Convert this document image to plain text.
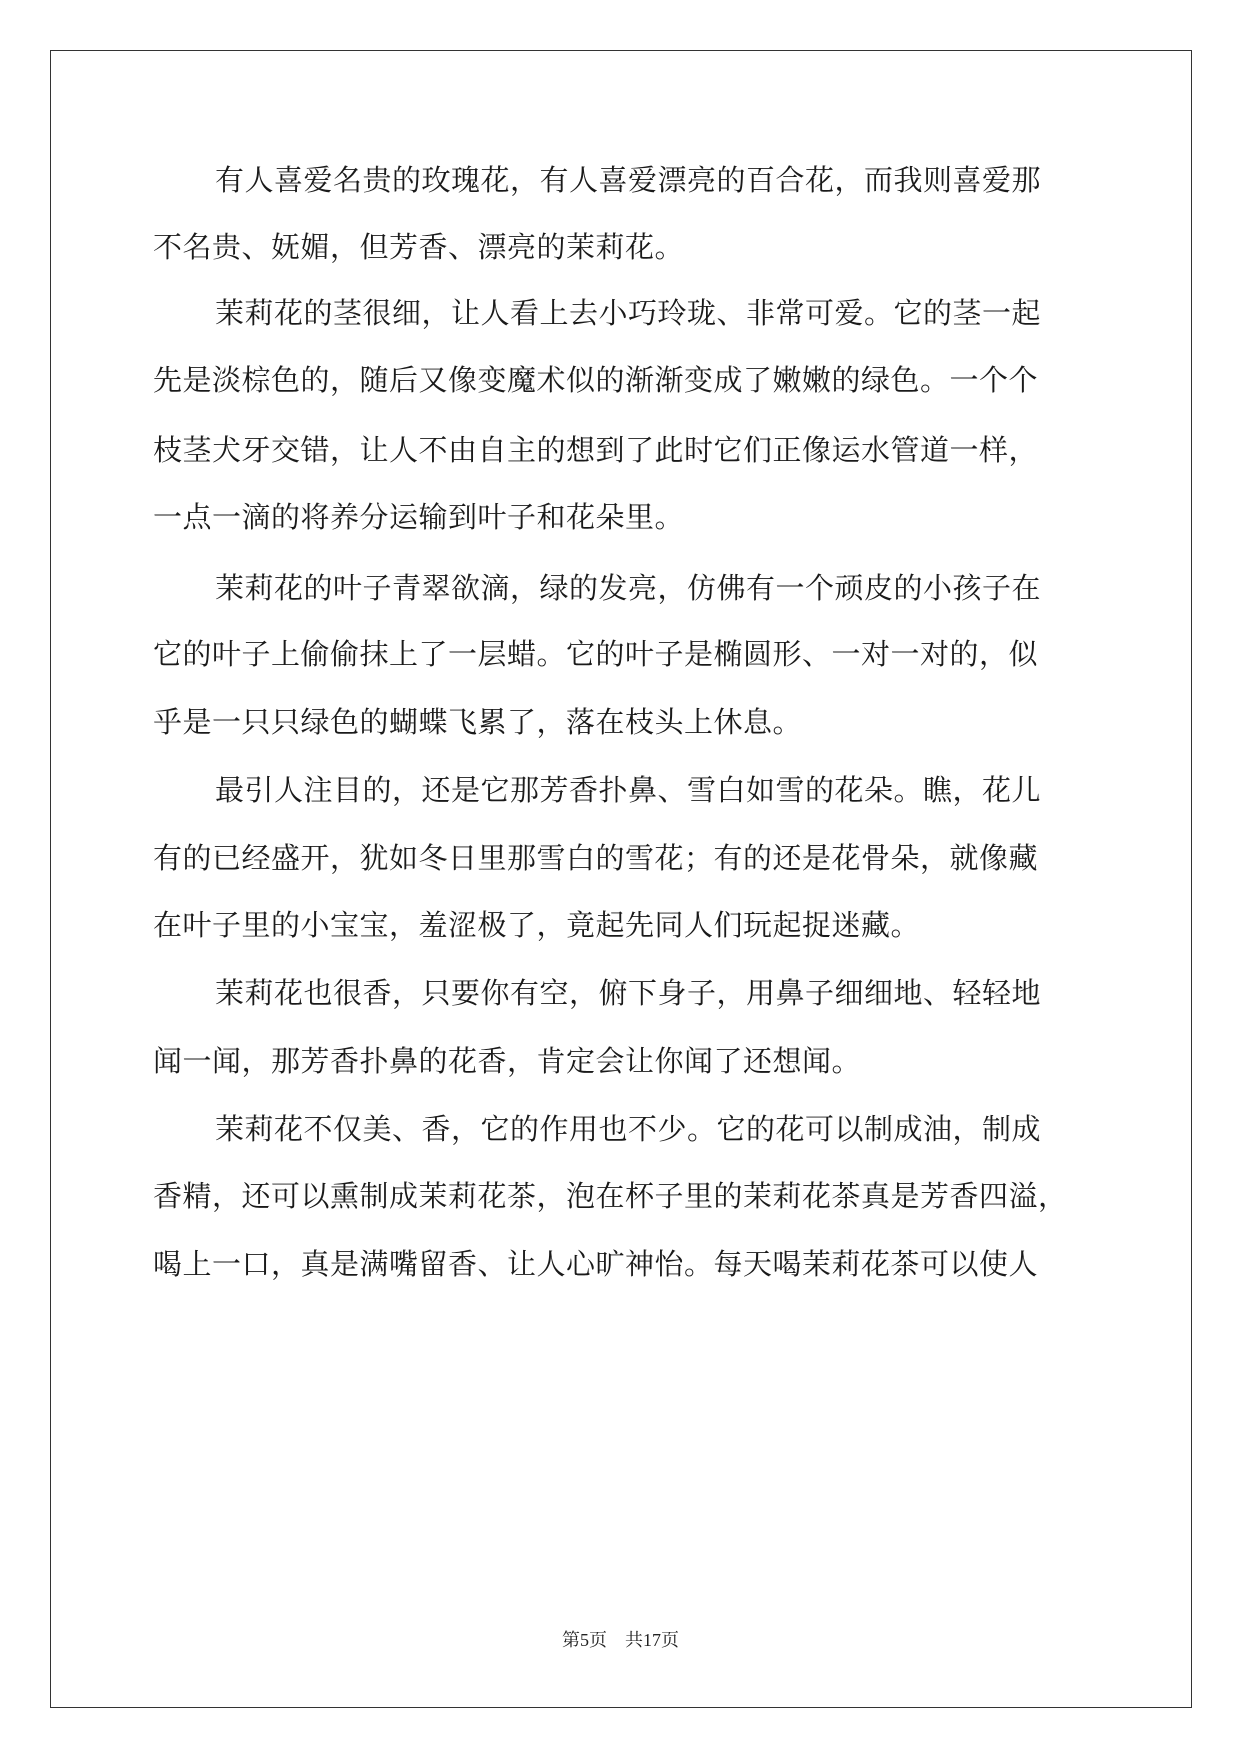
有人喜爱名贵的玫瑰花，有人喜爱漂亮的百合花，而我则喜爱那
不名贵、妩媚，但芳香、漂亮的茉莉花。
茉莉花的茎很细，让人看上去小巧玲珑、非常可爱。它的茎一起
先是淡棕色的，随后又像变魔术似的渐渐变成了嫩嫩的绿色。一个个
枝茎犬牙交错，让人不由自主的想到了此时它们正像运水管道一样，
一点一滴的将养分运输到叶子和花朵里。
茉莉花的叶子青翠欲滴，绿的发亮，仿佛有一个顽皮的小孩子在
它的叶子上偷偷抹上了一层蜡。它的叶子是椭圆形、一对一对的，似
乎是一只只绿色的蝴蝶飞累了，落在枝头上休息。
最引人注目的，还是它那芳香扑鼻、雪白如雪的花朵。瞧，花儿
有的已经盛开，犹如冬日里那雪白的雪花；有的还是花骨朵，就像藏
在叶子里的小宝宝，羞涩极了，竟起先同人们玩起捉迷藏。
茉莉花也很香，只要你有空，俯下身子，用鼻子细细地、轻轻地
闻一闻，那芳香扑鼻的花香，肯定会让你闻了还想闻。
茉莉花不仅美、香，它的作用也不少。它的花可以制成油，制成
香精，还可以熏制成茉莉花茶，泡在杯子里的茉莉花茶真是芳香四溢，
喝上一口，真是满嘴留香、让人心旷神怡。每天喝茉莉花茶可以使人
第5页 共17页
